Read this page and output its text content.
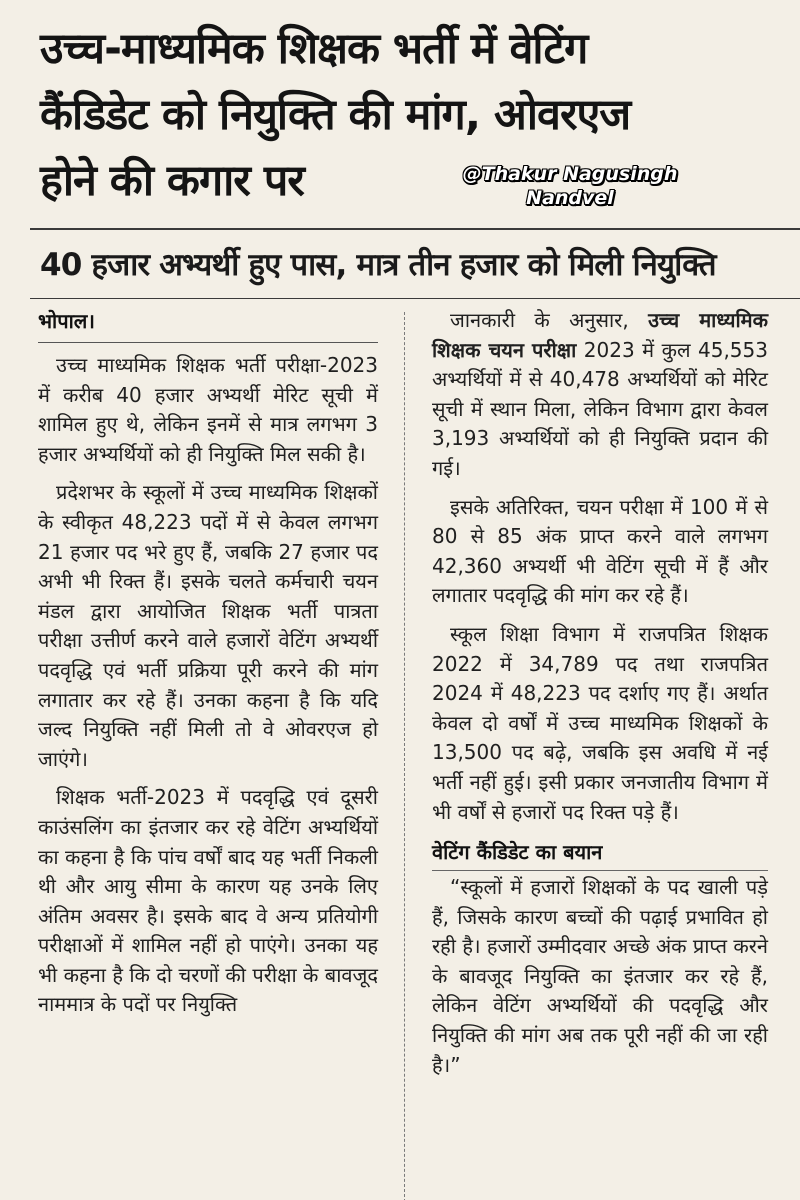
उच्च-माध्यमिक शिक्षक भर्ती में वेटिंग
कैंडिडेट को नियुक्ति की मांग, ओवरएज
होने की कगार पर	@Thakur Nagusingh
Nandvel
40 हजार अभ्यर्थी हुए पास, मात्र तीन हजार को मिली नियुक्ति

भोपाल।

उच्च माध्यमिक शिक्षक भर्ती परीक्षा-2023 में करीब 40 हजार अभ्यर्थी मेरिट सूची में शामिल हुए थे, लेकिन इनमें से मात्र लगभग 3 हजार अभ्यर्थियों को ही नियुक्ति मिल सकी है।

प्रदेशभर के स्कूलों में उच्च माध्यमिक शिक्षकों के स्वीकृत 48,223 पदों में से केवल लगभग 21 हजार पद भरे हुए हैं, जबकि 27 हजार पद अभी भी रिक्त हैं। इसके चलते कर्मचारी चयन मंडल द्वारा आयोजित शिक्षक भर्ती पात्रता परीक्षा उत्तीर्ण करने वाले हजारों वेटिंग अभ्यर्थी पदवृद्धि एवं भर्ती प्रक्रिया पूरी करने की मांग लगातार कर रहे हैं। उनका कहना है कि यदि जल्द नियुक्ति नहीं मिली तो वे ओवरएज हो जाएंगे।

शिक्षक भर्ती-2023 में पदवृद्धि एवं दूसरी काउंसलिंग का इंतजार कर रहे वेटिंग अभ्यर्थियों का कहना है कि पांच वर्षों बाद यह भर्ती निकली थी और आयु सीमा के कारण यह उनके लिए अंतिम अवसर है। इसके बाद वे अन्य प्रतियोगी परीक्षाओं में शामिल नहीं हो पाएंगे। उनका यह भी कहना है कि दो चरणों की परीक्षा के बावजूद नाममात्र के पदों पर नियुक्ति

जानकारी के अनुसार, उच्च माध्यमिक शिक्षक चयन परीक्षा 2023 में कुल 45,553 अभ्यर्थियों में से 40,478 अभ्यर्थियों को मेरिट सूची में स्थान मिला, लेकिन विभाग द्वारा केवल 3,193 अभ्यर्थियों को ही नियुक्ति प्रदान की गई।

इसके अतिरिक्त, चयन परीक्षा में 100 में से 80 से 85 अंक प्राप्त करने वाले लगभग 42,360 अभ्यर्थी भी वेटिंग सूची में हैं और लगातार पदवृद्धि की मांग कर रहे हैं।

स्कूल शिक्षा विभाग में राजपत्रित शिक्षक 2022 में 34,789 पद तथा राजपत्रित 2024 में 48,223 पद दर्शाए गए हैं। अर्थात केवल दो वर्षों में उच्च माध्यमिक शिक्षकों के 13,500 पद बढ़े, जबकि इस अवधि में नई भर्ती नहीं हुई। इसी प्रकार जनजातीय विभाग में भी वर्षों से हजारों पद रिक्त पड़े हैं।

वेटिंग कैंडिडेट का बयान

“स्कूलों में हजारों शिक्षकों के पद खाली पड़े हैं, जिसके कारण बच्चों की पढ़ाई प्रभावित हो रही है। हजारों उम्मीदवार अच्छे अंक प्राप्त करने के बावजूद नियुक्ति का इंतजार कर रहे हैं, लेकिन वेटिंग अभ्यर्थियों की पदवृद्धि और नियुक्ति की मांग अब तक पूरी नहीं की जा रही है।”
